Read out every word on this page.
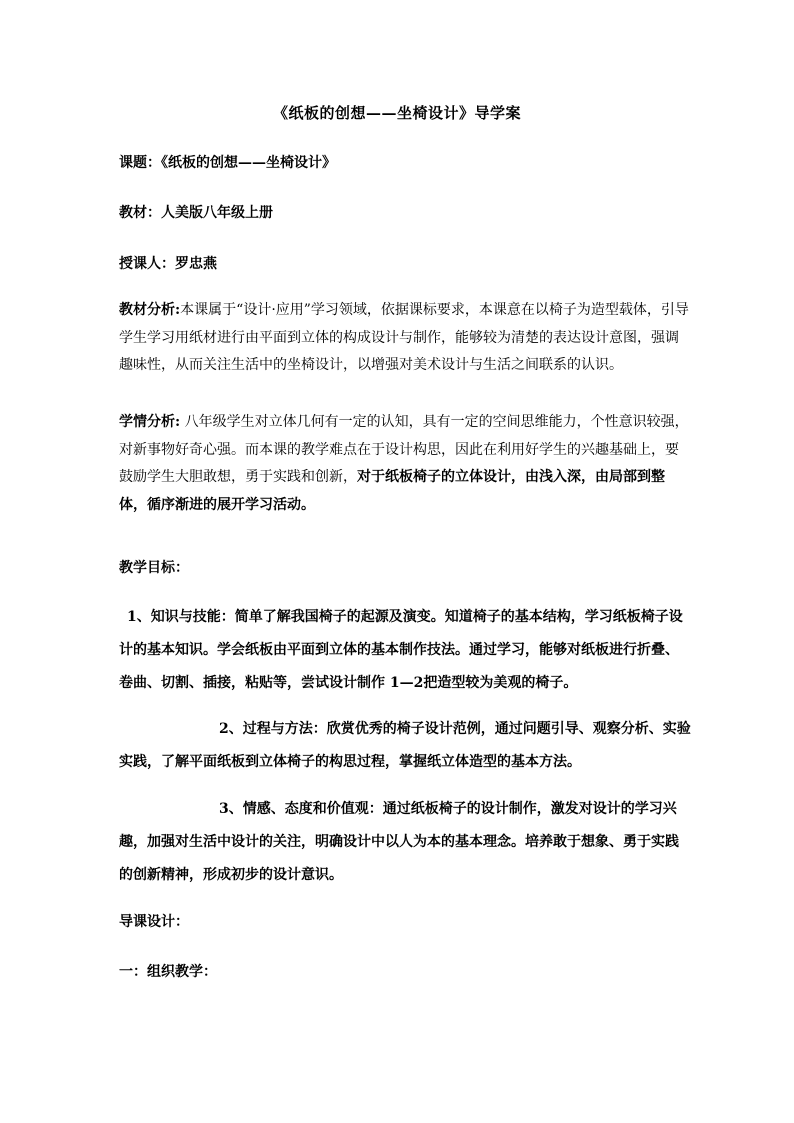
《纸板的创想——坐椅设计》导学案
课题：《纸板的创想——坐椅设计》
教材：人美版八年级上册
授课人：罗忠燕
教材分析:本课属于“设计·应用”学习领域，依据课标要求，本课意在以椅子为造型载体，引导学生学习用纸材进行由平面到立体的构成设计与制作，能够较为清楚的表达设计意图，强调趣味性，从而关注生活中的坐椅设计，以增强对美术设计与生活之间联系的认识。
学情分析: 八年级学生对立体几何有一定的认知，具有一定的空间思维能力，个性意识较强，对新事物好奇心强。而本课的教学难点在于设计构思，因此在利用好学生的兴趣基础上，要鼓励学生大胆敢想，勇于实践和创新，对于纸板椅子的立体设计，由浅入深，由局部到整体，循序渐进的展开学习活动。
教学目标：
1、知识与技能：简单了解我国椅子的起源及演变。知道椅子的基本结构，学习纸板椅子设计的基本知识。学会纸板由平面到立体的基本制作技法。通过学习，能够对纸板进行折叠、卷曲、切割、插接，粘贴等，尝试设计制作 1—2把造型较为美观的椅子。
2、过程与方法：欣赏优秀的椅子设计范例，通过问题引导、观察分析、实验实践，了解平面纸板到立体椅子的构思过程，掌握纸立体造型的基本方法。
3、情感、态度和价值观：通过纸板椅子的设计制作，激发对设计的学习兴趣，加强对生活中设计的关注，明确设计中以人为本的基本理念。培养敢于想象、勇于实践的创新精神，形成初步的设计意识。
导课设计：
一：组织教学：
